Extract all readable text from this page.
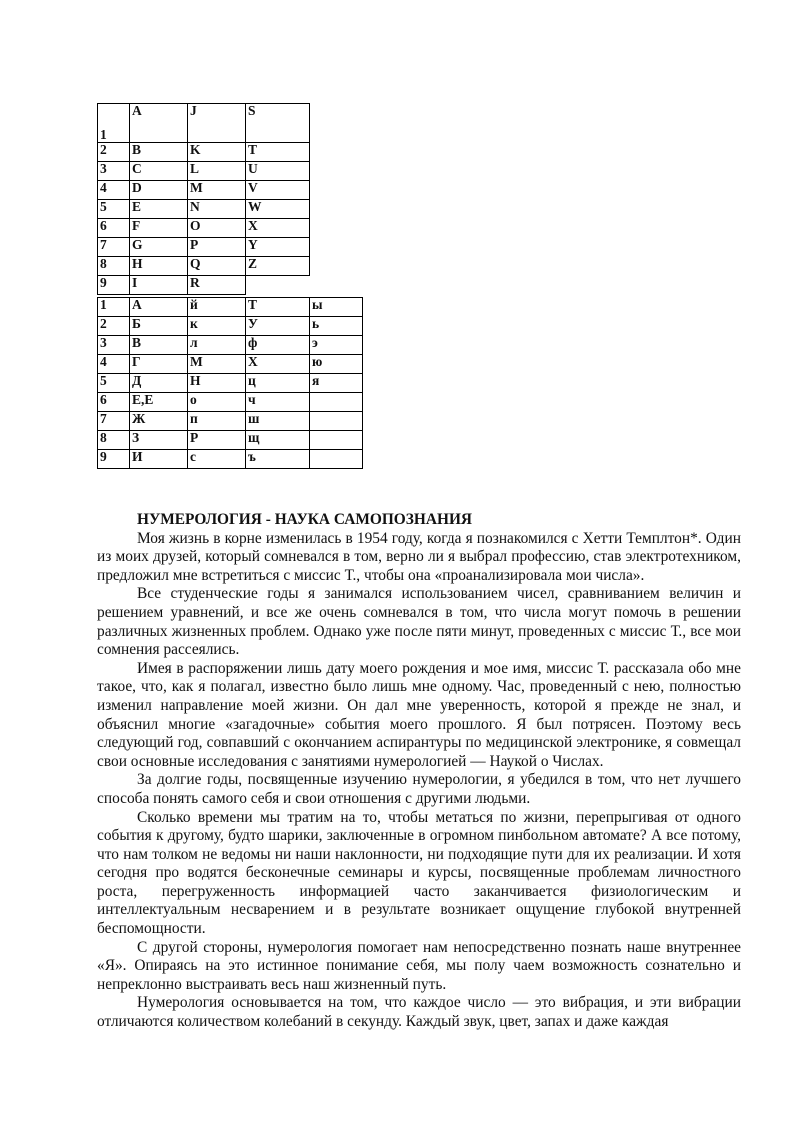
1	A	J	S
2	B	K	T
3	C	L	U
4	D	M	V
5	E	N	W
6	F	O	X
7	G	P	Y
8	H	Q	Z
9	I	R	
1	А	й	Т	ы
2	Б	к	У	ь
3	В	л	ф	э
4	Г	М	Х	ю
5	Д	Н	ц	я
6	Е,Е	о	ч	
7	Ж	п	ш	
8	З	Р	щ	
9	И	с	ъ	
НУМЕРОЛОГИЯ - НАУКА САМОПОЗНАНИЯ

Моя жизнь в корне изменилась в 1954 году, когда я познакомился с Хетти Темплтон*. Один из моих друзей, который сомневался в том, верно ли я выбрал профессию, став электротехником, предложил мне встретиться с миссис Т., чтобы она «проанализировала мои числа».

Все студенческие годы я занимался использованием чисел, сравниванием величин и решением уравнений, и все же очень сомневался в том, что числа могут помочь в решении различных жизненных проблем. Однако уже после пяти минут, проведенных с миссис Т., все мои сомнения рассеялись.

Имея в распоряжении лишь дату моего рождения и мое имя, миссис Т. рассказала обо мне такое, что, как я полагал, известно было лишь мне одному. Час, проведенный с нею, полностью изменил направление моей жизни. Он дал мне уверенность, которой я прежде не знал, и объяснил многие «загадочные» события моего прошлого. Я был потрясен. Поэтому весь следующий год, совпавший с окончанием аспирантуры по медицинской электронике, я совмещал свои основные исследования с занятиями нумерологией — Наукой о Числах.

За долгие годы, посвященные изучению нумерологии, я убедился в том, что нет лучшего способа понять самого себя и свои отношения с другими людьми.

Сколько времени мы тратим на то, чтобы метаться по жизни, перепрыгивая от одного события к другому, будто шарики, заключенные в огромном пинбольном автомате? А все потому, что нам толком не ведомы ни наши наклонности, ни подходящие пути для их реализации. И хотя сегодня про водятся бесконечные семинары и курсы, посвященные проблемам личностного роста, перегруженность информацией часто заканчивается физиологическим и интеллектуальным несварением и в результате возникает ощущение глубокой внутренней беспомощности.

С другой стороны, нумерология помогает нам непосредственно познать наше внутреннее «Я». Опираясь на это истинное понимание себя, мы полу чаем возможность сознательно и непреклонно выстраивать весь наш жизненный путь.

Нумерология основывается на том, что каждое число — это вибрация, и эти вибрации отличаются количеством колебаний в секунду. Каждый звук, цвет, запах и даже каждая
